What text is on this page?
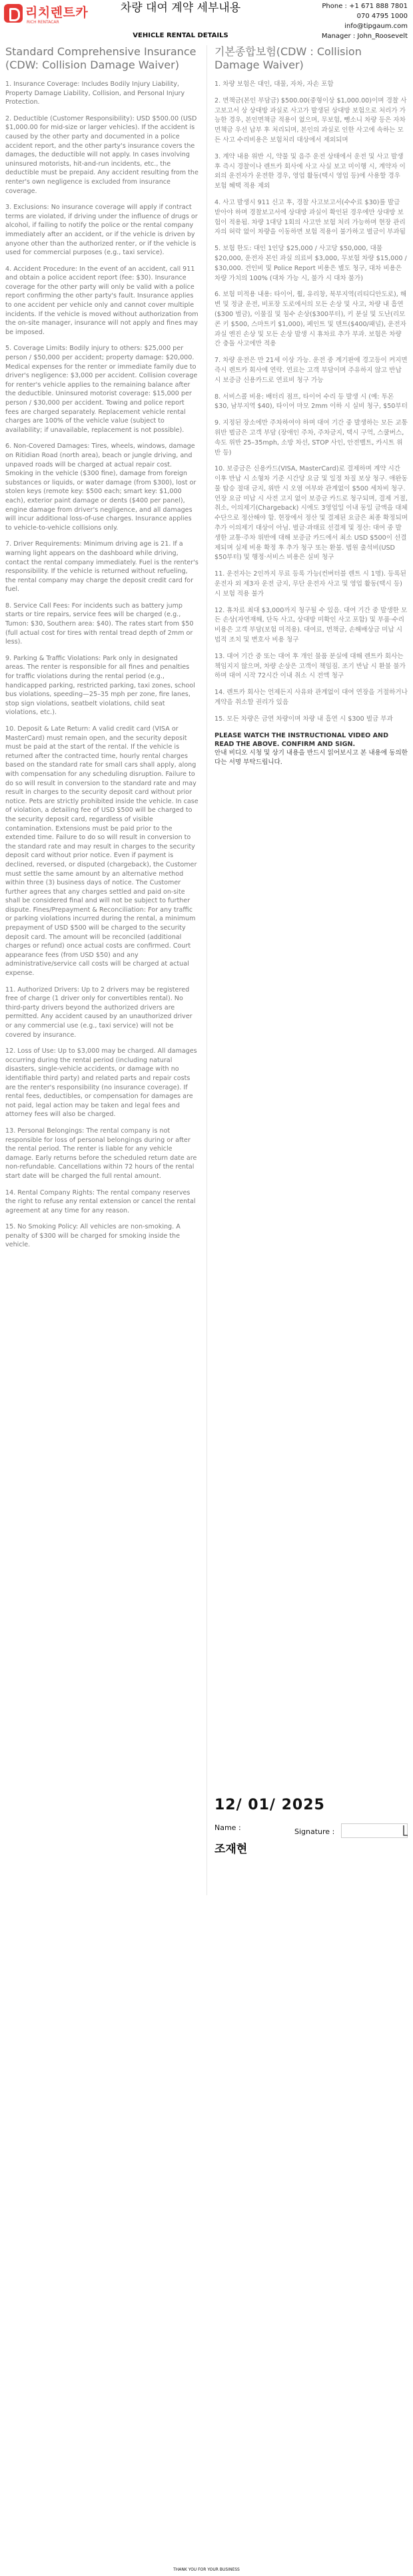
리치렌트카
RICH RENTACAR
차량 대여 계약 세부내용
VEHICLE RENTAL DETAILS
Phone : +1 671 888 7801
070 4795 1000
info@tipgaum.com
Manager : John_Roosevelt
Standard Comprehensive Insurance (CDW: Collision Damage Waiver)
1. Insurance Coverage: Includes Bodily Injury Liability, Property Damage Liability, Collision, and Personal Injury Protection.
2. Deductible (Customer Responsibility): USD $500.00 (USD $1,000.00 for mid-size or larger vehicles). If the accident is caused by the other party and documented in a police accident report, and the other party's insurance covers the damages, the deductible will not apply. In cases involving uninsured motorists, hit-and-run incidents, etc., the deductible must be prepaid. Any accident resulting from the renter's own negligence is excluded from insurance coverage.
3. Exclusions: No insurance coverage will apply if contract terms are violated, if driving under the influence of drugs or alcohol, if failing to notify the police or the rental company immediately after an accident, or if the vehicle is driven by anyone other than the authorized renter, or if the vehicle is used for commercial purposes (e.g., taxi service).
4. Accident Procedure: In the event of an accident, call 911 and obtain a police accident report (fee: $30). Insurance coverage for the other party will only be valid with a police report confirming the other party's fault. Insurance applies to one accident per vehicle only and cannot cover multiple incidents. If the vehicle is moved without authorization from the on-site manager, insurance will not apply and fines may be imposed.
5. Coverage Limits: Bodily injury to others: $25,000 per person / $50,000 per accident; property damage: $20,000. Medical expenses for the renter or immediate family due to driver's negligence: $3,000 per accident. Collision coverage for renter's vehicle applies to the remaining balance after the deductible. Uninsured motorist coverage: $15,000 per person / $30,000 per accident. Towing and police report fees are charged separately. Replacement vehicle rental charges are 100% of the vehicle value (subject to availability; if unavailable, replacement is not possible).
6. Non-Covered Damages: Tires, wheels, windows, damage on Ritidian Road (north area), beach or jungle driving, and unpaved roads will be charged at actual repair cost. Smoking in the vehicle ($300 fine), damage from foreign substances or liquids, or water damage (from $300), lost or stolen keys (remote key: $500 each; smart key: $1,000 each), exterior paint damage or dents ($400 per panel), engine damage from driver's negligence, and all damages will incur additional loss-of-use charges. Insurance applies to vehicle-to-vehicle collisions only.
7. Driver Requirements: Minimum driving age is 21. If a warning light appears on the dashboard while driving, contact the rental company immediately. Fuel is the renter's responsibility. If the vehicle is returned without refueling, the rental company may charge the deposit credit card for fuel.
8. Service Call Fees: For incidents such as battery jump starts or tire repairs, service fees will be charged (e.g., Tumon: $30, Southern area: $40). The rates start from $50 (full actual cost for tires with rental tread depth of 2mm or less).
9. Parking & Traffic Violations: Park only in designated areas. The renter is responsible for all fines and penalties for traffic violations during the rental period (e.g., handicapped parking, restricted parking, taxi zones, school bus violations, speeding—25–35 mph per zone, fire lanes, stop sign violations, seatbelt violations, child seat violations, etc.).
10. Deposit & Late Return: A valid credit card (VISA or MasterCard) must remain open, and the security deposit must be paid at the start of the rental. If the vehicle is returned after the contracted time, hourly rental charges based on the standard rate for small cars shall apply, along with compensation for any scheduling disruption. Failure to do so will result in conversion to the standard rate and may result in charges to the security deposit card without prior notice. Pets are strictly prohibited inside the vehicle. In case of violation, a detailing fee of USD $500 will be charged to the security deposit card, regardless of visible contamination. Extensions must be paid prior to the extended time. Failure to do so will result in conversion to the standard rate and may result in charges to the security deposit card without prior notice. Even if payment is declined, reversed, or disputed (chargeback), the Customer must settle the same amount by an alternative method within three (3) business days of notice. The Customer further agrees that any charges settled and paid on-site shall be considered final and will not be subject to further dispute. Fines/Prepayment & Reconciliation: For any traffic or parking violations incurred during the rental, a minimum prepayment of USD $500 will be charged to the security deposit card. The amount will be reconciled (additional charges or refund) once actual costs are confirmed. Court appearance fees (from USD $50) and any administrative/service call costs will be charged at actual expense.
11. Authorized Drivers: Up to 2 drivers may be registered free of charge (1 driver only for convertibles rental). No third-party drivers beyond the authorized drivers are permitted. Any accident caused by an unauthorized driver or any commercial use (e.g., taxi service) will not be covered by insurance.
12. Loss of Use: Up to $3,000 may be charged. All damages occurring during the rental period (including natural disasters, single-vehicle accidents, or damage with no identifiable third party) and related parts and repair costs are the renter's responsibility (no insurance coverage). If rental fees, deductibles, or compensation for damages are not paid, legal action may be taken and legal fees and attorney fees will also be charged.
13. Personal Belongings: The rental company is not responsible for loss of personal belongings during or after the rental period. The renter is liable for any vehicle damage. Early returns before the scheduled return date are non-refundable. Cancellations within 72 hours of the rental start date will be charged the full rental amount.
14. Rental Company Rights: The rental company reserves the right to refuse any rental extension or cancel the rental agreement at any time for any reason.
15. No Smoking Policy: All vehicles are non-smoking. A penalty of $300 will be charged for smoking inside the vehicle.
기본종합보험(CDW : Collision Damage Waiver)
1. 차량 보험은 대인, 대물, 자차, 자손 포함
2. 면책금(본인 부담금) $500.00(중형이상 $1,000.00)이며 경찰 사고보고서 상 상대방 과실로 사고가 발생된 상대방 보험으로 처리가 가능한 경우, 본인면책금 적용이 없으며, 무보험, 뺑소니 차량 등은 자차 면책금 우선 납부 후 처리되며, 본인의 과실로 인한 사고에 속하는 모든 사고 수리비용은 보험처리 대상에서 제외되며
3. 계약 내용 위반 시, 약물 및 음주 운전 상태에서 운전 및 사고 발생 후 즉시 경찰이나 렌트카 회사에 사고 사실 보고 미이행 시, 계약자 이외의 운전자가 운전한 경우, 영업 활동(택시 영업 등)에 사용할 경우 보험 혜택 적용 제외
4. 사고 발생시 911 신고 후, 경찰 사고보고서(수수료 $30)를 발급 받아야 하며 경찰보고서에 상대방 과실이 확인된 경우에만 상대방 보험이 적용됨. 차량 1대당 1회의 사고만 보험 처리 가능하며 현장 관리자의 허락 없이 차량을 이동하면 보험 적용이 불가하고 벌금이 부과됨
5. 보험 한도: 대인 1인당 $25,000 / 사고당 $50,000, 대물 $20,000, 운전자 본인 과실 의료비 $3,000, 무보험 차량 $15,000 / $30,000. 견인비 및 Police Report 비용은 별도 청구, 대차 비용은 차량 가치의 100% (대차 가능 시, 불가 시 대차 불가)
6. 보험 미적용 내용: 타이어, 휠, 유리창, 북부지역(리티디안도로), 해변 및 정글 운전, 비포장 도로에서의 모든 손상 및 사고, 차량 내 흡연($300 벌금), 이물질 및 침수 손상($300부터), 키 분실 및 도난(리모콘 키 $500, 스마트키 $1,000), 페인트 및 덴트($400/패널), 운전자 과실 엔진 손상 및 모든 손상 발생 시 휴차료 추가 부과. 보험은 차량 간 충돌 사고에만 적용
7. 차량 운전은 만 21세 이상 가능. 운전 중 계기판에 경고등이 켜지면 즉시 렌트카 회사에 연락. 연료는 고객 부담이며 주유하지 않고 반납 시 보증금 신용카드로 연료비 청구 가능
8. 서비스콜 비용: 배터리 점프, 타이어 수리 등 발생 시 (예: 투몬 $30, 남부지역 $40), 타이어 마모 2mm 이하 시 실비 청구, $50부터
9. 지정된 장소에만 주차하여야 하며 대여 기간 중 발생하는 모든 교통 위반 벌금은 고객 부담 (장애인 주차, 주차금지, 택시 구역, 스쿨버스, 속도 위반 25–35mph, 소방 차선, STOP 사인, 안전벨트, 카시트 위반 등)
10. 보증금은 신용카드(VISA, MasterCard)로 결제하며 계약 시간 이후 반납 시 소형차 기준 시간당 요금 및 일정 차질 보상 청구. 애완동물 탑승 절대 금지, 위반 시 오염 여부와 관계없이 $500 세차비 청구. 연장 요금 미납 시 사전 고지 없이 보증금 카드로 청구되며, 결제 거절, 취소, 이의제기(Chargeback) 시에도 3영업일 이내 동일 금액을 대체 수단으로 정산해야 함. 현장에서 정산 및 결제된 요금은 최종 확정되며 추가 이의제기 대상이 아님. 벌금·과태료 선결제 및 정산: 대여 중 발생한 교통·주차 위반에 대해 보증금 카드에서 최소 USD $500이 선결제되며 실제 비용 확정 후 추가 청구 또는 환불. 법원 출석비(USD $50부터) 및 행정·서비스 비용은 실비 청구
11. 운전자는 2인까지 무료 등록 가능(컨버터블 렌트 시 1명). 등록된 운전자 외 제3자 운전 금지, 무단 운전자 사고 및 영업 활동(택시 등) 시 보험 적용 불가
12. 휴차료 최대 $3,000까지 청구될 수 있음. 대여 기간 중 발생한 모든 손상(자연재해, 단독 사고, 상대방 미확인 사고 포함) 및 부품·수리 비용은 고객 부담(보험 미적용). 대여료, 면책금, 손해배상금 미납 시 법적 조치 및 변호사 비용 청구
13. 대여 기간 중 또는 대여 후 개인 물품 분실에 대해 렌트카 회사는 책임지지 않으며, 차량 손상은 고객이 책임짐. 조기 반납 시 환불 불가하며 대여 시작 72시간 이내 취소 시 전액 청구
14. 렌트카 회사는 언제든지 사유와 관계없이 대여 연장을 거절하거나 계약을 취소할 권리가 있음
15. 모든 차량은 금연 차량이며 차량 내 흡연 시 $300 벌금 부과
PLEASE WATCH THE INSTRUCTIONAL VIDEO AND READ THE ABOVE. CONFIRM AND SIGN.
안내 비디오 시청 및 상기 내용을 반드시 읽어보시고 본 내용에 동의한다는 서명 부탁드립니다.
12/ 01/ 2025
Name :	Signature :
조재현
THANK YOU FOR YOUR BUSINESS
